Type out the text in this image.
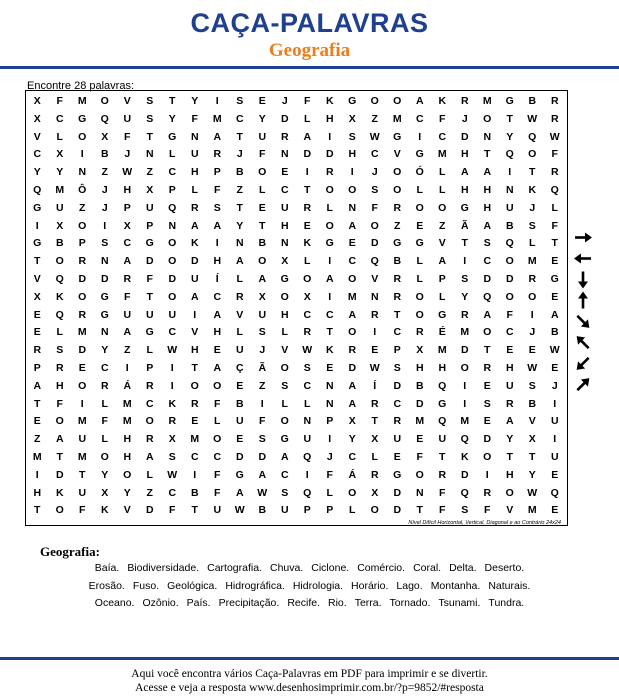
CAÇA-PALAVRAS
Geografia
Encontre 28 palavras:
X	F	M	O	V	S	T	Y	I	S	E	J	F	K	G	O	O	A	K	R	M	G	B	R
X	C	G	Q	U	S	Y	F	M	C	Y	D	L	H	X	Z	M	C	F	J	O	T	W	R
V	L	O	X	F	T	G	N	A	T	U	R	A	I	S	W	G	I	C	D	N	Y	Q	W
C	X	I	B	J	N	L	U	R	J	F	N	D	D	H	C	V	G	M	H	T	Q	O	F
Y	Y	N	Z	W	Z	C	H	P	B	O	E	I	R	I	J	O	Ó	L	A	A	I	T	R
Q	M	Ô	J	H	X	P	L	F	Z	L	C	T	O	O	S	O	L	L	H	H	N	K	Q
G	U	Z	J	P	U	Q	R	S	T	E	U	R	L	N	F	R	O	O	G	H	U	J	L
I	X	O	I	X	P	N	A	A	Y	T	H	E	O	A	O	Z	E	Z	Ã	A	B	S	F
G	B	P	S	C	G	O	K	I	N	B	N	K	G	E	D	G	G	V	T	S	Q	L	T
T	O	R	N	A	D	O	D	H	A	O	X	L	I	C	Q	B	L	A	I	C	O	M	E
V	Q	D	D	R	F	D	U	Í	L	A	G	O	A	O	V	R	L	P	S	D	D	R	G
X	K	O	G	F	T	O	A	C	R	X	O	X	I	M	N	R	O	L	Y	Q	O	O	E
E	Q	R	G	U	U	U	I	A	V	U	H	C	C	A	R	T	O	G	R	A	F	I	A
E	L	M	N	A	G	C	V	H	L	S	L	R	T	O	I	C	R	É	M	O	C	J	B
R	S	D	Y	Z	L	W	H	E	U	J	V	W	K	R	E	P	X	M	D	T	E	E	W
P	R	E	C	I	P	I	T	A	Ç	Ã	O	S	E	D	W	S	H	H	O	R	H	W	E
A	H	O	R	Á	R	I	O	O	E	Z	S	C	N	A	Í	D	B	Q	I	E	U	S	J
T	F	I	L	M	C	K	R	F	B	I	L	L	N	A	R	C	D	G	I	S	R	B	I
E	O	M	F	M	O	R	E	L	U	F	O	N	P	X	T	R	M	Q	M	E	A	V	U
Z	A	U	L	H	R	X	M	O	E	S	G	U	I	Y	X	U	E	U	Q	D	Y	X	I
M	T	M	O	H	A	S	C	C	D	D	A	Q	J	C	L	E	F	T	K	O	T	T	U
I	D	T	Y	O	L	W	I	F	G	A	C	I	F	Á	R	G	O	R	D	I	H	Y	E
H	K	U	X	Y	Z	C	B	F	A	W	S	Q	L	O	X	D	N	F	Q	R	O	W	Q
T	O	F	K	V	D	F	T	U	W	B	U	P	P	L	O	D	T	F	S	F	V	M	E
Nível Difícil Horizontal, Vertical, Diagonal e ao Contrário 24x24
Geografia:
Baía. Biodiversidade. Cartografia. Chuva. Ciclone. Comércio. Coral. Delta. Deserto.
Erosão. Fuso. Geológica. Hidrográfica. Hidrologia. Horário. Lago. Montanha. Naturais.
Oceano. Ozônio. País. Precipitação. Recife. Rio. Terra. Tornado. Tsunami. Tundra.
Aqui você encontra vários Caça-Palavras em PDF para imprimir e se divertir.
Acesse e veja a resposta www.desenhosimprimir.com.br/?p=9852/#resposta
